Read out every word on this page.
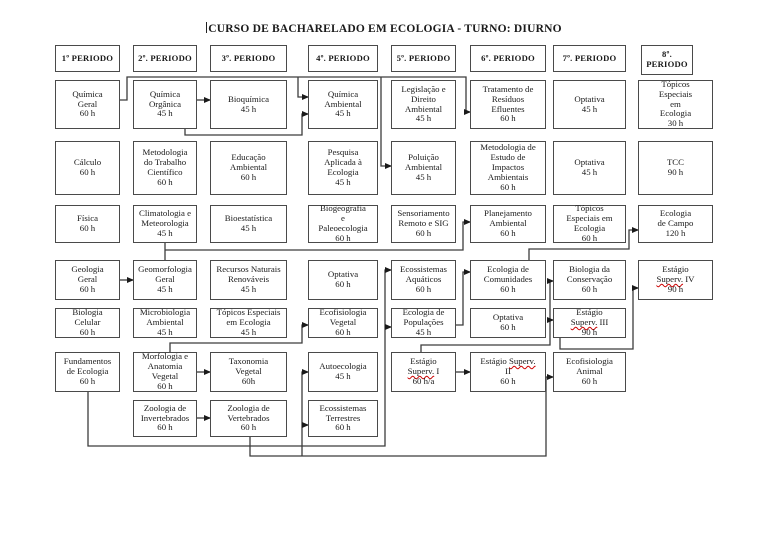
CURSO DE BACHARELADO EM ECOLOGIA - TURNO: DIURNO
1º PERIODO	2º. PERIODO	3º. PERIODO	4º. PERIODO	5º. PERIODO	6º. PERIODO	7º. PERIODO	8º. PERIODO
Química
Geral
60 h
Cálculo
60 h
Física
60 h
Geologia
Geral
60 h
Biologia
Celular
60 h
Fundamentos
de Ecologia
60 h
Química
Orgânica
45 h
Metodologia
do Trabalho
Científico
60 h
Climatologia e
Meteorologia
45 h
Geomorfologia
Geral
45 h
Microbiologia
Ambiental
45 h
Morfologia e
Anatomia
Vegetal
60 h
Zoologia de
Invertebrados
60 h
Bioquímica
45 h
Educação
Ambiental
60 h
Bioestatística
45 h
Recursos Naturais
Renováveis
45 h
Tópicos Especiais
em Ecologia
45 h
Taxonomia
Vegetal
60h
Zoologia de
Vertebrados
60 h
Química
Ambiental
45 h
Pesquisa
Aplicada à
Ecologia
45 h
Biogeografia
e
Paleoecologia
60 h
Optativa
60 h
Ecofisiologia
Vegetal
60 h
Autoecologia
45 h
Ecossistemas
Terrestres
60 h
Legislação e
Direito
Ambiental
45 h
Poluição
Ambiental
45 h
Sensoriamento
Remoto e SIG
60 h
Ecossistemas
Aquáticos
60 h
Ecologia de
Populações
45 h
Estágio
Superv. I
60 h/a
Tratamento de
Resíduos
Efluentes
60 h
Metodologia de
Estudo de
Impactos
Ambientais
60 h
Planejamento
Ambiental
60 h
Ecologia de
Comunidades
60 h
Optativa
60 h
Estágio Superv.
II
60 h
Optativa
45 h
Optativa
45 h
Tópicos
Especiais em
Ecologia
60 h
Biologia da
Conservação
60 h
Estágio
Superv. III
90 h
Ecofisiologia
Animal
60 h
Tópicos
Especiais
em
Ecologia
30 h
TCC
90 h
Ecologia
de Campo
120 h
Estágio
Superv. IV
90 h
